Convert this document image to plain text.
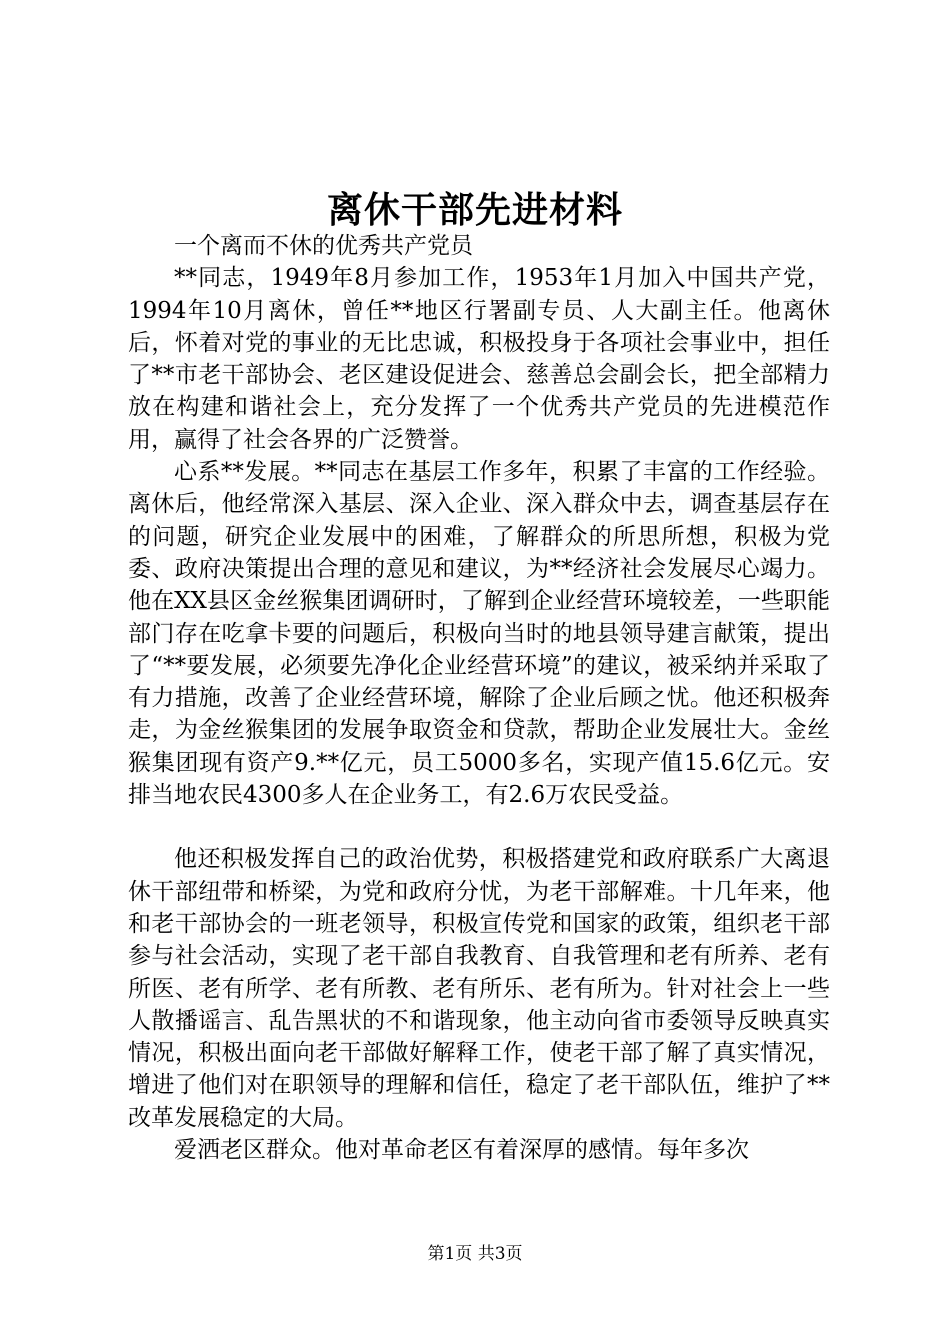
离休干部先进材料

一个离而不休的优秀共产党员

**同志，1949年8月参加工作，1953年1月加入中国共产党，1994年10月离休，曾任**地区行署副专员、人大副主任。他离休后，怀着对党的事业的无比忠诚，积极投身于各项社会事业中，担任了**市老干部协会、老区建设促进会、慈善总会副会长，把全部精力放在构建和谐社会上，充分发挥了一个优秀共产党员的先进模范作用，赢得了社会各界的广泛赞誉。

心系**发展。**同志在基层工作多年，积累了丰富的工作经验。离休后，他经常深入基层、深入企业、深入群众中去，调查基层存在的问题，研究企业发展中的困难，了解群众的所思所想，积极为党委、政府决策提出合理的意见和建议，为**经济社会发展尽心竭力。他在XX县区金丝猴集团调研时，了解到企业经营环境较差，一些职能部门存在吃拿卡要的问题后，积极向当时的地县领导建言献策，提出了“**要发展，必须要先净化企业经营环境”的建议，被采纳并采取了有力措施，改善了企业经营环境，解除了企业后顾之忧。他还积极奔走，为金丝猴集团的发展争取资金和贷款，帮助企业发展壮大。金丝猴集团现有资产9.**亿元，员工5000多名，实现产值15.6亿元。安排当地农民4300多人在企业务工，有2.6万农民受益。

他还积极发挥自己的政治优势，积极搭建党和政府联系广大离退休干部纽带和桥梁，为党和政府分忧，为老干部解难。十几年来，他和老干部协会的一班老领导，积极宣传党和国家的政策，组织老干部参与社会活动，实现了老干部自我教育、自我管理和老有所养、老有所医、老有所学、老有所教、老有所乐、老有所为。针对社会上一些人散播谣言、乱告黑状的不和谐现象，他主动向省市委领导反映真实情况，积极出面向老干部做好解释工作，使老干部了解了真实情况，增进了他们对在职领导的理解和信任，稳定了老干部队伍，维护了**改革发展稳定的大局。

爱洒老区群众。他对革命老区有着深厚的感情。每年多次

第1页 共3页
